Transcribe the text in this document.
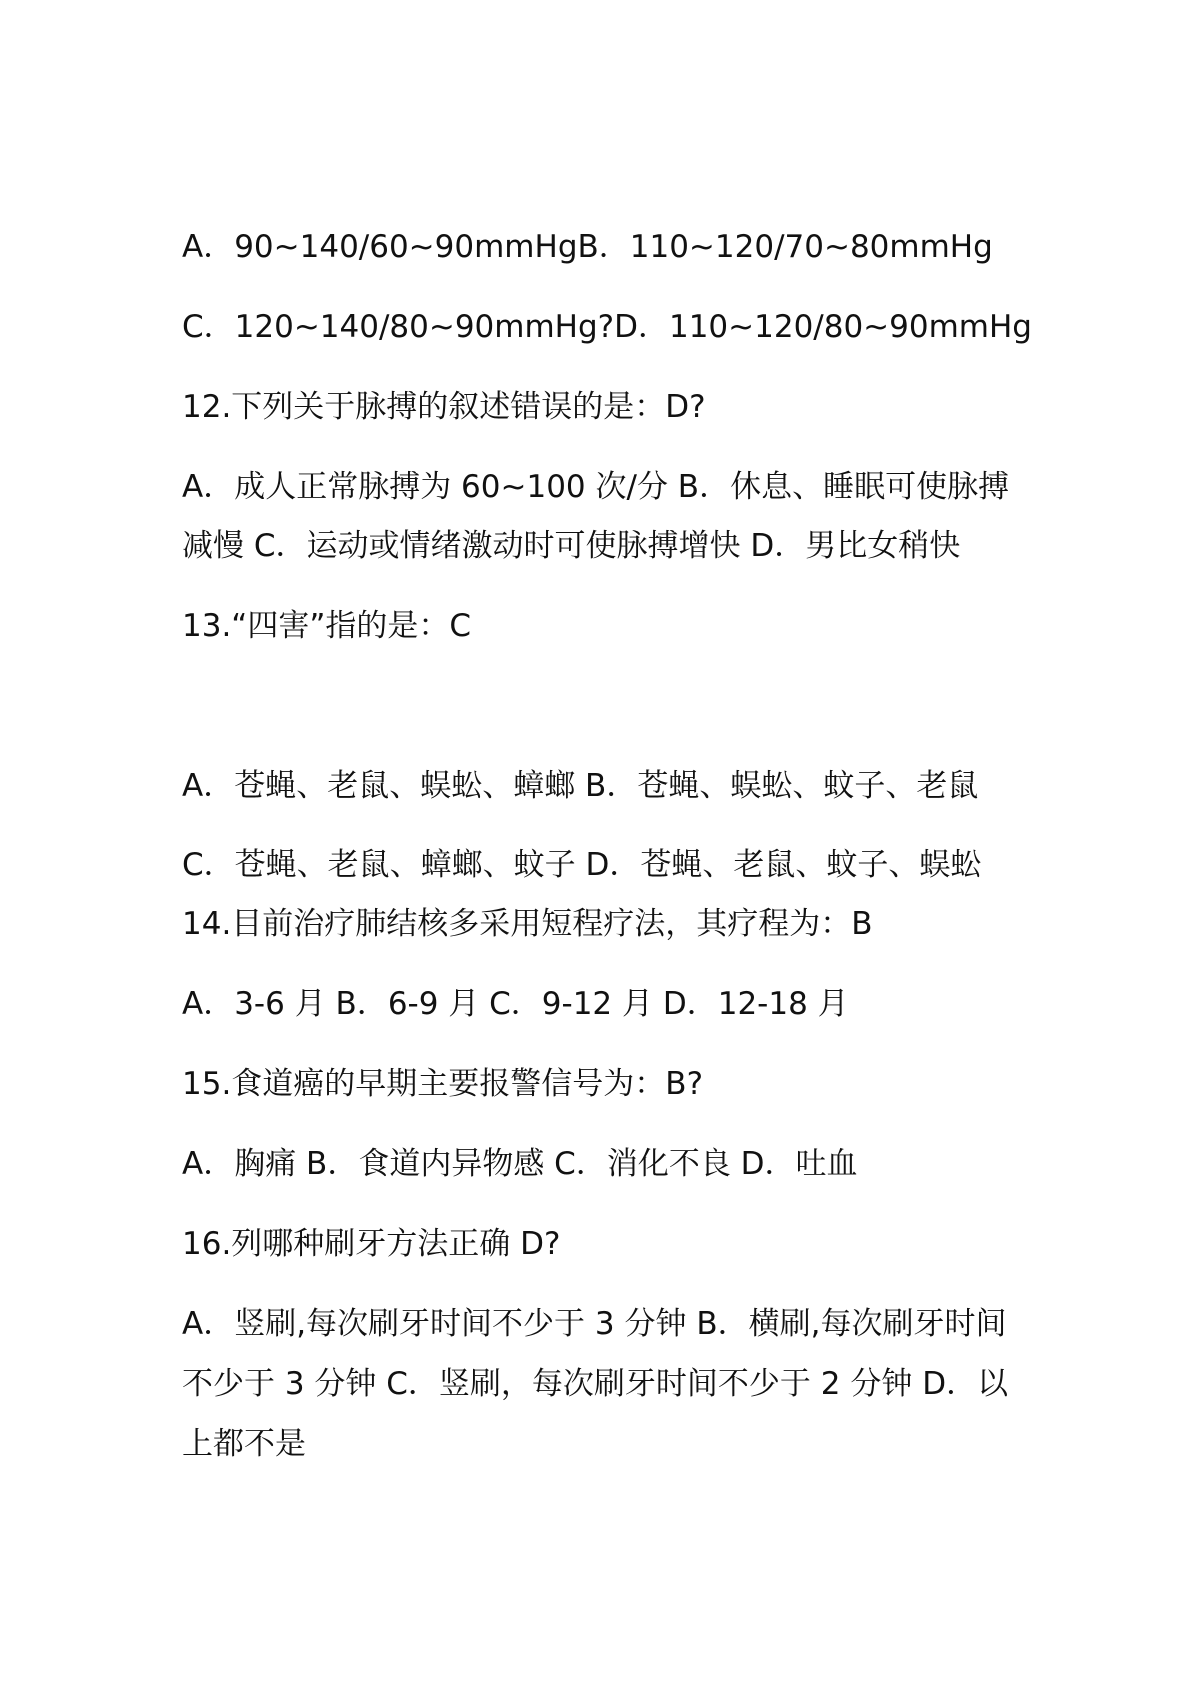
A．90~140/60~90mmHgB．110~120/70~80mmHg
C．120~140/80~90mmHg?D．110~120/80~90mmHg
12.下列关于脉搏的叙述错误的是：D?
A．成人正常脉搏为 60~100 次/分 B．休息、睡眠可使脉搏
减慢 C．运动或情绪激动时可使脉搏增快 D．男比女稍快
13.“四害”指的是：C
A．苍蝇、老鼠、蜈蚣、蟑螂 B．苍蝇、蜈蚣、蚊子、老鼠
C．苍蝇、老鼠、蟑螂、蚊子 D．苍蝇、老鼠、蚊子、蜈蚣
14.目前治疗肺结核多采用短程疗法，其疗程为：B
A．3-6 月 B．6-9 月 C．9-12 月 D．12-18 月
15.食道癌的早期主要报警信号为：B?
A．胸痛 B．食道内异物感 C．消化不良 D．吐血
16.列哪种刷牙方法正确 D?
A．竖刷,每次刷牙时间不少于 3 分钟 B．横刷,每次刷牙时间
不少于 3 分钟 C．竖刷，每次刷牙时间不少于 2 分钟 D．以
上都不是
